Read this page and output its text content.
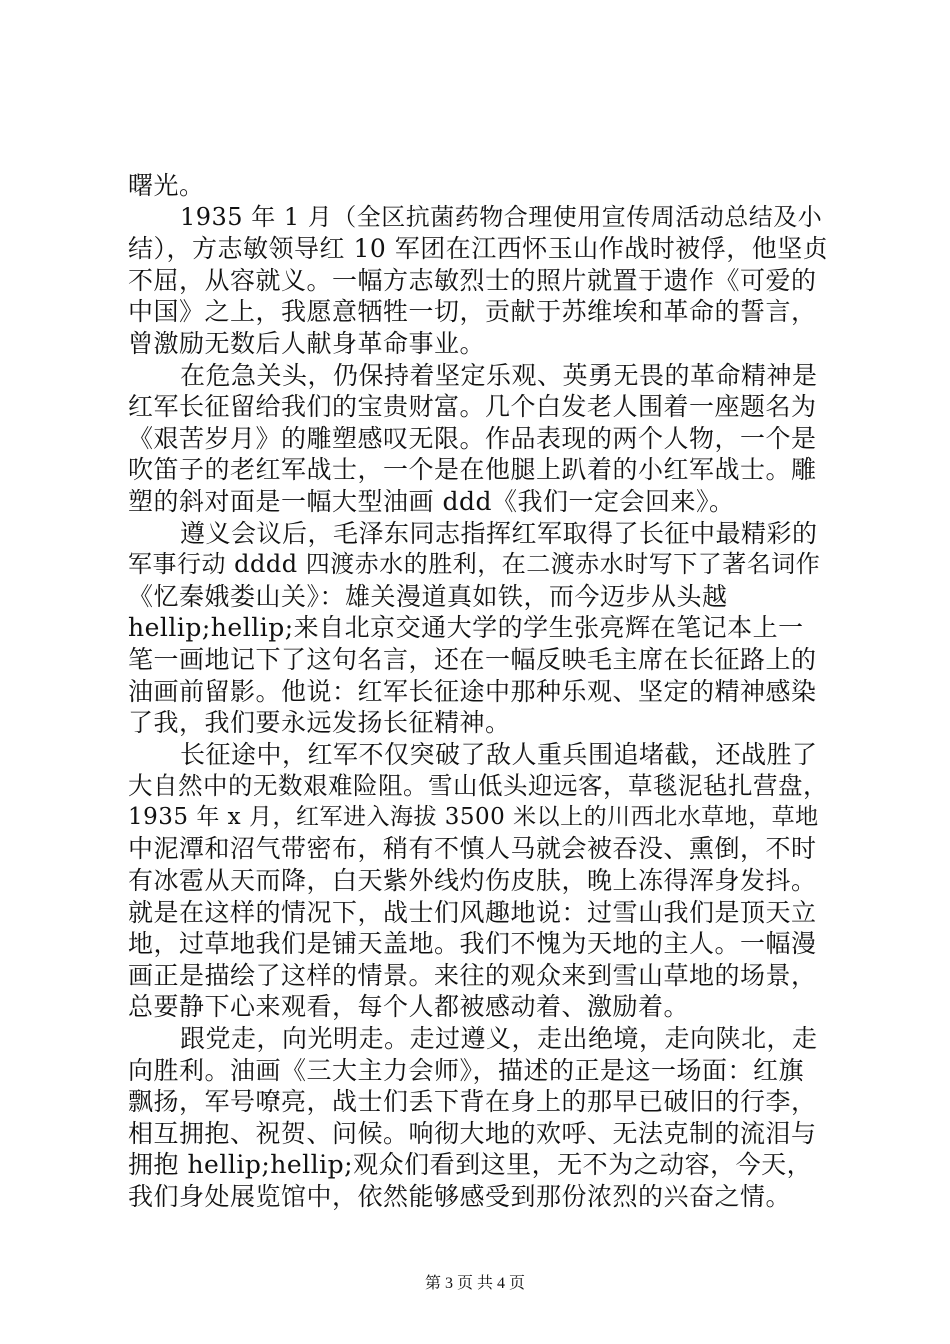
曙光。
1935 年 1 月（全区抗菌药物合理使用宣传周活动总结及小
结），方志敏领导红 10 军团在江西怀玉山作战时被俘，他坚贞
不屈，从容就义。一幅方志敏烈士的照片就置于遗作《可爱的
中国》之上，我愿意牺牲一切，贡献于苏维埃和革命的誓言，
曾激励无数后人献身革命事业。
在危急关头，仍保持着坚定乐观、英勇无畏的革命精神是
红军长征留给我们的宝贵财富。几个白发老人围着一座题名为
《艰苦岁月》的雕塑感叹无限。作品表现的两个人物，一个是
吹笛子的老红军战士，一个是在他腿上趴着的小红军战士。雕
塑的斜对面是一幅大型油画 ddd《我们一定会回来》。
遵义会议后，毛泽东同志指挥红军取得了长征中最精彩的
军事行动 dddd 四渡赤水的胜利，在二渡赤水时写下了著名词作
《忆秦娥娄山关》：雄关漫道真如铁，而今迈步从头越
hellip;hellip;来自北京交通大学的学生张亮辉在笔记本上一
笔一画地记下了这句名言，还在一幅反映毛主席在长征路上的
油画前留影。他说：红军长征途中那种乐观、坚定的精神感染
了我，我们要永远发扬长征精神。
长征途中，红军不仅突破了敌人重兵围追堵截，还战胜了
大自然中的无数艰难险阻。雪山低头迎远客，草毯泥毡扎营盘，
1935 年 x 月，红军进入海拔 3500 米以上的川西北水草地，草地
中泥潭和沼气带密布，稍有不慎人马就会被吞没、熏倒，不时
有冰雹从天而降，白天紫外线灼伤皮肤，晚上冻得浑身发抖。
就是在这样的情况下，战士们风趣地说：过雪山我们是顶天立
地，过草地我们是铺天盖地。我们不愧为天地的主人。一幅漫
画正是描绘了这样的情景。来往的观众来到雪山草地的场景，
总要静下心来观看，每个人都被感动着、激励着。
跟党走，向光明走。走过遵义，走出绝境，走向陕北，走
向胜利。油画《三大主力会师》，描述的正是这一场面：红旗
飘扬，军号嘹亮，战士们丢下背在身上的那早已破旧的行李，
相互拥抱、祝贺、问候。响彻大地的欢呼、无法克制的流泪与
拥抱 hellip;hellip;观众们看到这里，无不为之动容，今天，
我们身处展览馆中，依然能够感受到那份浓烈的兴奋之情。
第 3 页 共 4 页
